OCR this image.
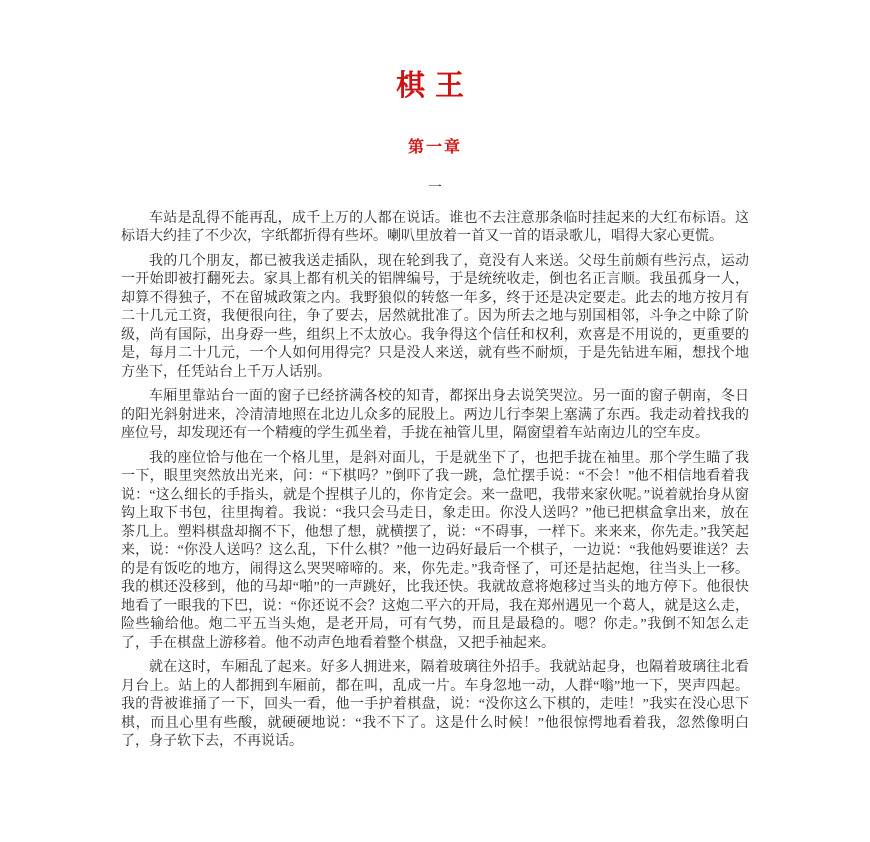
棋王
第一章
一

车站是乱得不能再乱，成千上万的人都在说话。谁也不去注意那条临时挂起来的大红布标语。这标语大约挂了不少次，字纸都折得有些坏。喇叭里放着一首又一首的语录歌儿，唱得大家心更慌。

我的几个朋友，都已被我送走插队，现在轮到我了，竟没有人来送。父母生前颇有些污点，运动一开始即被打翻死去。家具上都有机关的铝牌编号，于是统统收走，倒也名正言顺。我虽孤身一人，却算不得独子，不在留城政策之内。我野狼似的转悠一年多，终于还是决定要走。此去的地方按月有二十几元工资，我便很向往，争了要去，居然就批准了。因为所去之地与别国相邻，斗争之中除了阶级，尚有国际，出身孬一些，组织上不太放心。我争得这个信任和权利，欢喜是不用说的，更重要的是，每月二十几元，一个人如何用得完？只是没人来送，就有些不耐烦，于是先钻进车厢，想找个地方坐下，任凭站台上千万人话别。

车厢里靠站台一面的窗子已经挤满各校的知青，都探出身去说笑哭泣。另一面的窗子朝南，冬日的阳光斜射进来，冷清清地照在北边儿众多的屁股上。两边儿行李架上塞满了东西。我走动着找我的座位号，却发现还有一个精瘦的学生孤坐着，手拢在袖管儿里，隔窗望着车站南边儿的空车皮。

我的座位恰与他在一个格儿里，是斜对面儿，于是就坐下了，也把手拢在袖里。那个学生瞄了我一下，眼里突然放出光来，问：“下棋吗？”倒吓了我一跳，急忙摆手说：“不会！”他不相信地看着我说：“这么细长的手指头，就是个捏棋子儿的，你肯定会。来一盘吧，我带来家伙呢。”说着就抬身从窗钩上取下书包，往里掏着。我说：“我只会马走日，象走田。你没人送吗？”他已把棋盒拿出来，放在茶几上。塑料棋盘却搁不下，他想了想，就横摆了，说：“不碍事，一样下。来来来，你先走。”我笑起来，说：“你没人送吗？这么乱，下什么棋？”他一边码好最后一个棋子，一边说：“我他妈要谁送？去的是有饭吃的地方，闹得这么哭哭啼啼的。来，你先走。”我奇怪了，可还是拈起炮，往当头上一移。我的棋还没移到，他的马却“啪”的一声跳好，比我还快。我就故意将炮移过当头的地方停下。他很快地看了一眼我的下巴，说：“你还说不会？这炮二平六的开局，我在郑州遇见一个葛人，就是这么走，险些输给他。炮二平五当头炮，是老开局，可有气势，而且是最稳的。嗯？你走。”我倒不知怎么走了，手在棋盘上游移着。他不动声色地看着整个棋盘，又把手袖起来。

就在这时，车厢乱了起来。好多人拥进来，隔着玻璃往外招手。我就站起身，也隔着玻璃往北看月台上。站上的人都拥到车厢前，都在叫，乱成一片。车身忽地一动，人群“嗡”地一下，哭声四起。我的背被谁捅了一下，回头一看，他一手护着棋盘，说：“没你这么下棋的，走哇！”我实在没心思下棋，而且心里有些酸，就硬硬地说：“我不下了。这是什么时候！”他很惊愕地看着我，忽然像明白了，身子软下去，不再说话。
